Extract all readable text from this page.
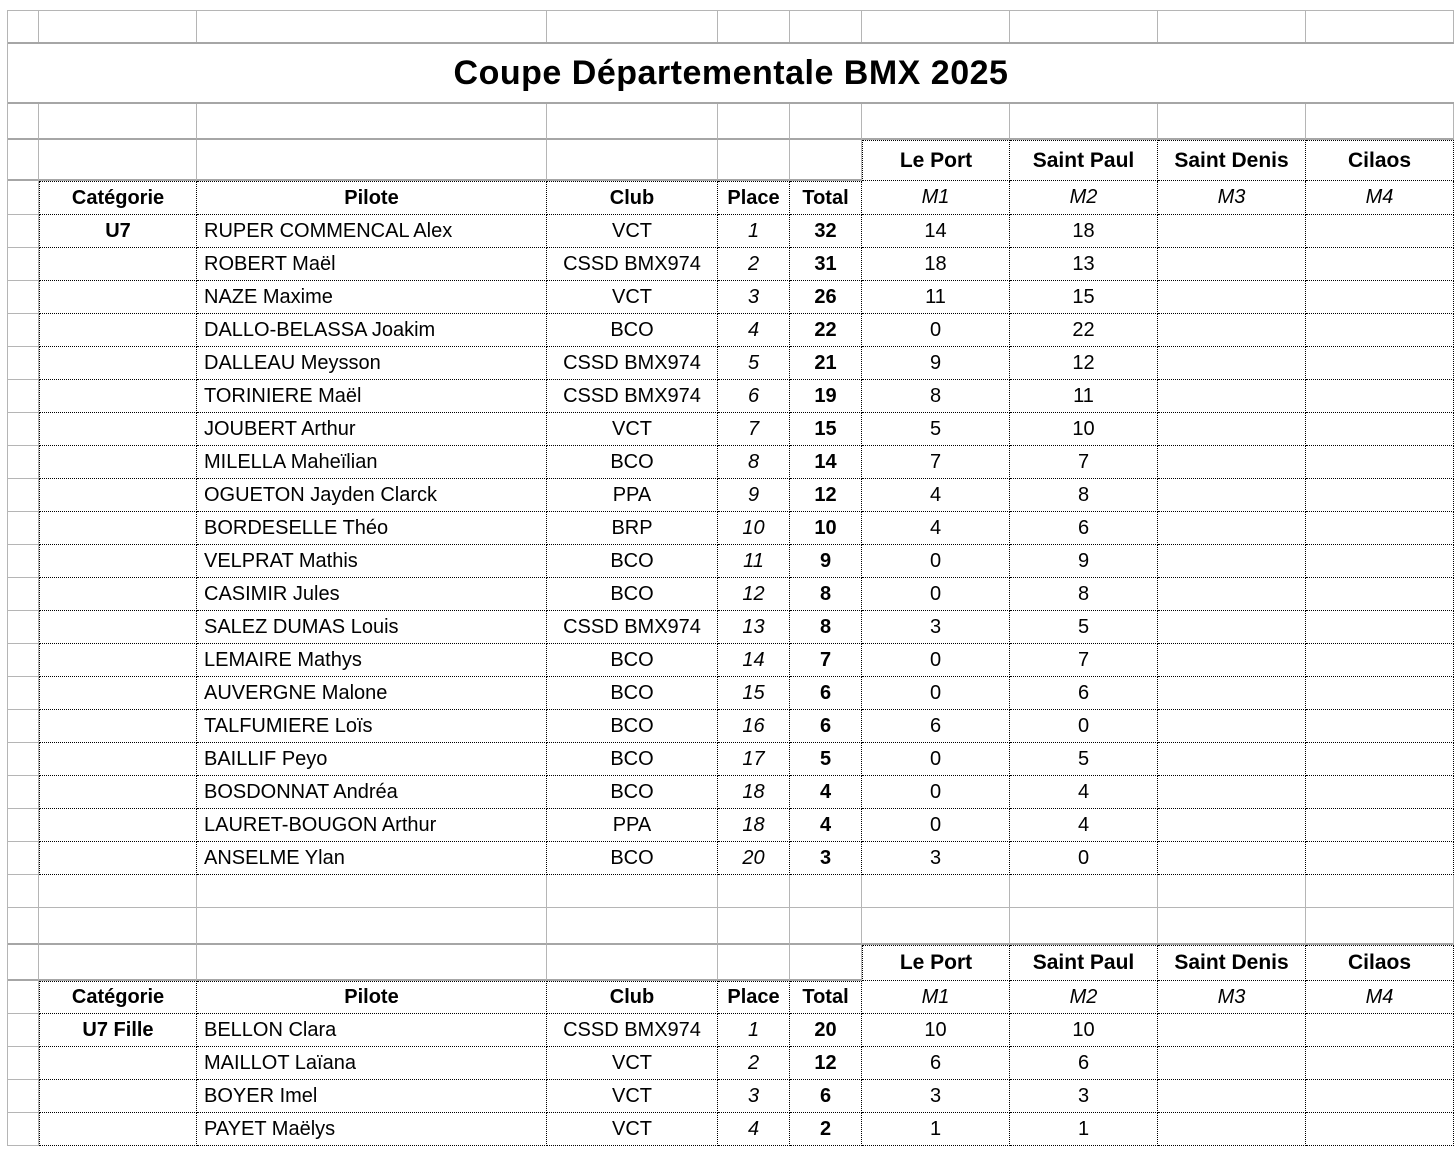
Coupe Départementale BMX 2025
Le Port	Saint Paul	Saint Denis	Cilaos
Catégorie	Pilote	Club	Place	Total	M1	M2	M3	M4
U7	RUPER COMMENCAL Alex	VCT	1	32	14	18
ROBERT Maël	CSSD BMX974	2	31	18	13
NAZE Maxime	VCT	3	26	11	15
DALLO-BELASSA Joakim	BCO	4	22	0	22
DALLEAU Meysson	CSSD BMX974	5	21	9	12
TORINIERE Maël	CSSD BMX974	6	19	8	11
JOUBERT Arthur	VCT	7	15	5	10
MILELLA Maheïlian	BCO	8	14	7	7
OGUETON Jayden Clarck	PPA	9	12	4	8
BORDESELLE Théo	BRP	10	10	4	6
VELPRAT Mathis	BCO	11	9	0	9
CASIMIR Jules	BCO	12	8	0	8
SALEZ DUMAS Louis	CSSD BMX974	13	8	3	5
LEMAIRE Mathys	BCO	14	7	0	7
AUVERGNE Malone	BCO	15	6	0	6
TALFUMIERE Loïs	BCO	16	6	6	0
BAILLIF Peyo	BCO	17	5	0	5
BOSDONNAT Andréa	BCO	18	4	0	4
LAURET-BOUGON Arthur	PPA	18	4	0	4
ANSELME Ylan	BCO	20	3	3	0
Le Port	Saint Paul	Saint Denis	Cilaos
Catégorie	Pilote	Club	Place	Total	M1	M2	M3	M4
U7 Fille	BELLON Clara	CSSD BMX974	1	20	10	10
MAILLOT Laïana	VCT	2	12	6	6
BOYER Imel	VCT	3	6	3	3
PAYET Maëlys	VCT	4	2	1	1
